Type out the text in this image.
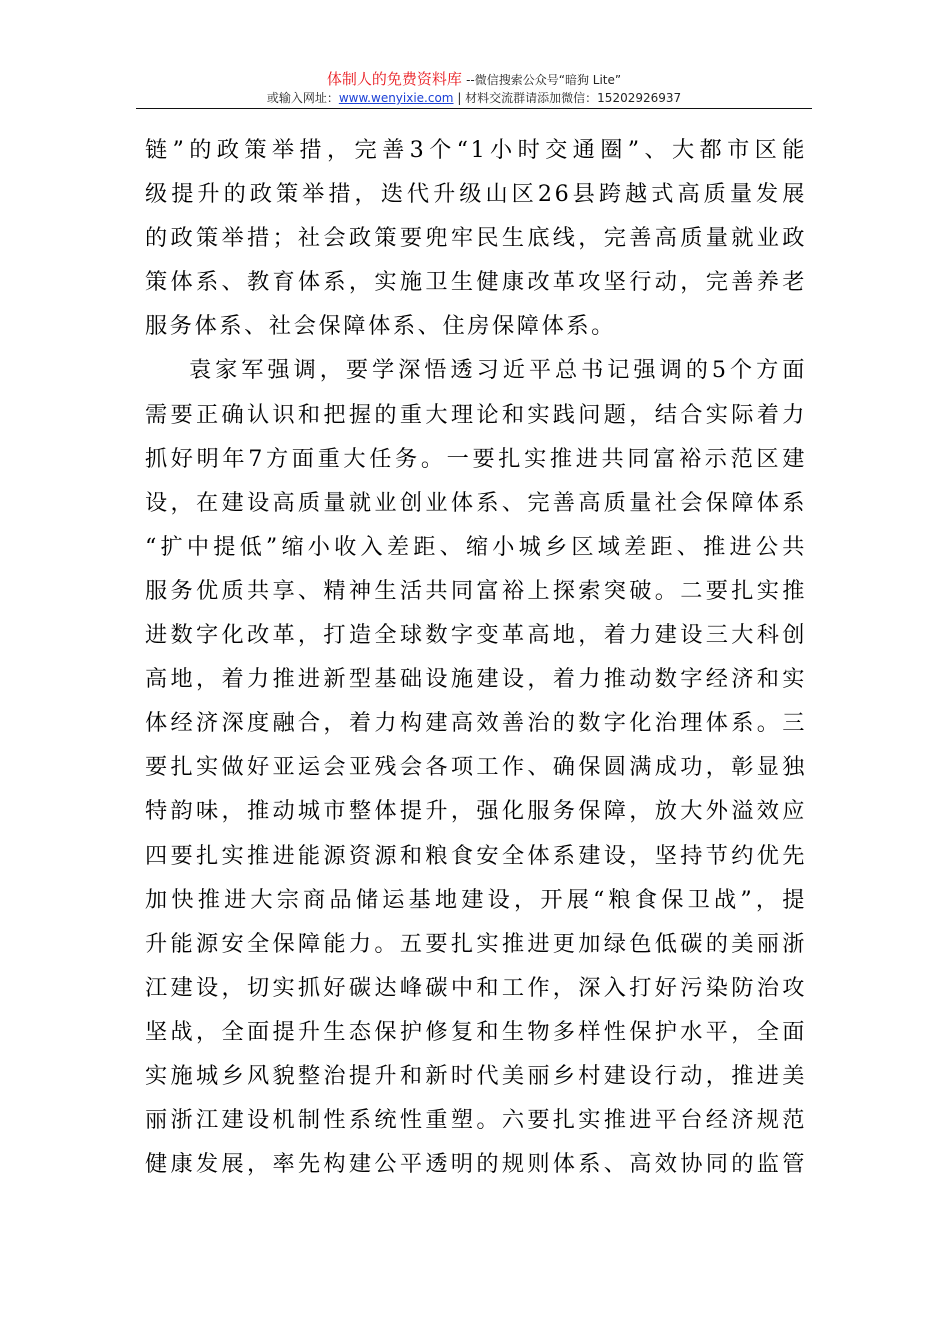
体制人的免费资料库 --微信搜索公众号“暗狗 Lite”
或输入网址：www.wenyixie.com | 材料交流群请添加微信：15202926937
链”的政策举措，完善3个“1小时交通圈”、大都市区能
级提升的政策举措，迭代升级山区26县跨越式高质量发展
的政策举措；社会政策要兜牢民生底线，完善高质量就业政
策体系、教育体系，实施卫生健康改革攻坚行动，完善养老
服务体系、社会保障体系、住房保障体系。
袁家军强调，要学深悟透习近平总书记强调的5个方面
需要正确认识和把握的重大理论和实践问题，结合实际着力
抓好明年7方面重大任务。一要扎实推进共同富裕示范区建
设，在建设高质量就业创业体系、完善高质量社会保障体系
“扩中提低”缩小收入差距、缩小城乡区域差距、推进公共
服务优质共享、精神生活共同富裕上探索突破。二要扎实推
进数字化改革，打造全球数字变革高地，着力建设三大科创
高地，着力推进新型基础设施建设，着力推动数字经济和实
体经济深度融合，着力构建高效善治的数字化治理体系。三
要扎实做好亚运会亚残会各项工作、确保圆满成功，彰显独
特韵味，推动城市整体提升，强化服务保障，放大外溢效应
四要扎实推进能源资源和粮食安全体系建设，坚持节约优先
加快推进大宗商品储运基地建设，开展“粮食保卫战”，提
升能源安全保障能力。五要扎实推进更加绿色低碳的美丽浙
江建设，切实抓好碳达峰碳中和工作，深入打好污染防治攻
坚战，全面提升生态保护修复和生物多样性保护水平，全面
实施城乡风貌整治提升和新时代美丽乡村建设行动，推进美
丽浙江建设机制性系统性重塑。六要扎实推进平台经济规范
健康发展，率先构建公平透明的规则体系、高效协同的监管
